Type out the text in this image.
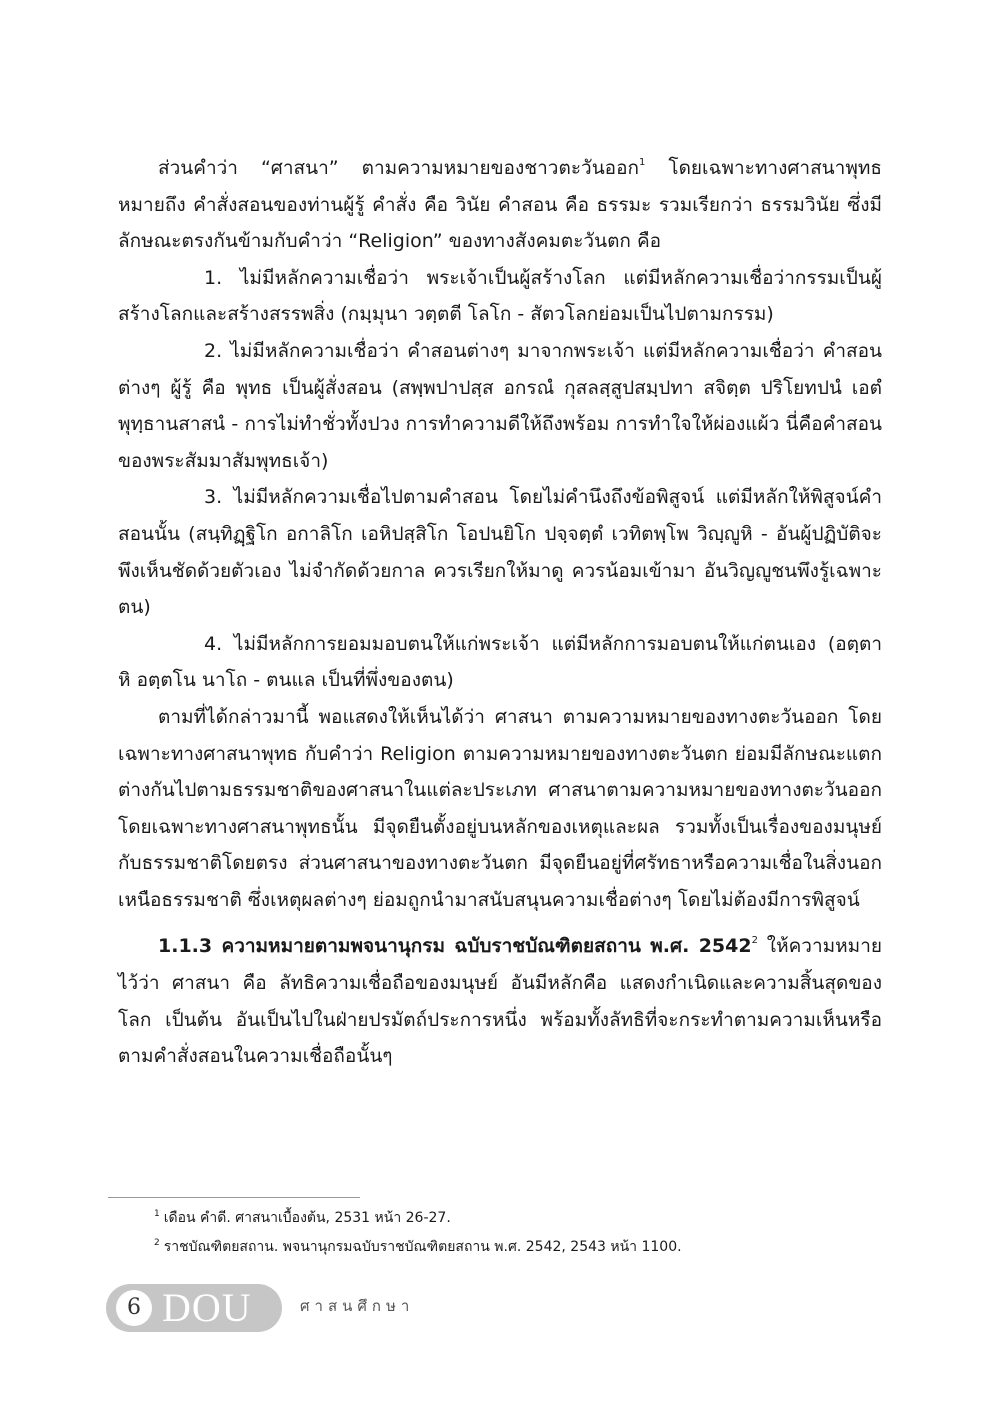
ส่วนคำว่า “ศาสนา” ตามความหมายของชาวตะวันออก$^1$ โดยเฉพาะทางศาสนาพุทธ หมายถึง คำสั่งสอนของท่านผู้รู้ คำสั่ง คือ วินัย คำสอน คือ ธรรมะ รวมเรียกว่า ธรรมวินัย ซึ่งมีลักษณะตรงกันข้ามกับคำว่า “Religion” ของทางสังคมตะวันตก คือ

1. ไม่มีหลักความเชื่อว่า พระเจ้าเป็นผู้สร้างโลก แต่มีหลักความเชื่อว่ากรรมเป็นผู้สร้างโลกและสร้างสรรพสิ่ง (กมฺมุนา วตฺตตี โลโก - สัตวโลกย่อมเป็นไปตามกรรม)

2. ไม่มีหลักความเชื่อว่า คำสอนต่างๆ มาจากพระเจ้า แต่มีหลักความเชื่อว่า คำสอนต่างๆ ผู้รู้ คือ พุทธ เป็นผู้สั่งสอน (สพฺพปาปสฺส อกรณํ กุสลสฺสูปสมฺปทา สจิตฺต ปริโยทปนํ เอตํ พุทฺธานสาสนํ - การไม่ทำชั่วทั้งปวง การทำความดีให้ถึงพร้อม การทำใจให้ผ่องแผ้ว นี่คือคำสอนของพระสัมมาสัมพุทธเจ้า)

3. ไม่มีหลักความเชื่อไปตามคำสอน โดยไม่คำนึงถึงข้อพิสูจน์ แต่มีหลักให้พิสูจน์คำสอนนั้น (สนฺทิฏฺฐิโก อกาลิโก เอหิปสฺสิโก โอปนยิโก ปจฺจตฺตํ เวทิตพฺโพ วิญฺญูหิ - อันผู้ปฏิบัติจะพึงเห็นชัดด้วยตัวเอง ไม่จำกัดด้วยกาล ควรเรียกให้มาดู ควรน้อมเข้ามา อันวิญญูชนพึงรู้เฉพาะตน)

4. ไม่มีหลักการยอมมอบตนให้แก่พระเจ้า แต่มีหลักการมอบตนให้แก่ตนเอง (อตฺตา หิ อตฺตโน นาโถ - ตนแล เป็นที่พึ่งของตน)

ตามที่ได้กล่าวมานี้ พอแสดงให้เห็นได้ว่า ศาสนา ตามความหมายของทางตะวันออก โดยเฉพาะทางศาสนาพุทธ กับคำว่า Religion ตามความหมายของทางตะวันตก ย่อมมีลักษณะแตกต่างกันไปตามธรรมชาติของศาสนาในแต่ละประเภท ศาสนาตามความหมายของทางตะวันออก โดยเฉพาะทางศาสนาพุทธนั้น มีจุดยืนตั้งอยู่บนหลักของเหตุและผล รวมทั้งเป็นเรื่องของมนุษย์กับธรรมชาติโดยตรง ส่วนศาสนาของทางตะวันตก มีจุดยืนอยู่ที่ศรัทธาหรือความเชื่อในสิ่งนอกเหนือธรรมชาติ ซึ่งเหตุผลต่างๆ ย่อมถูกนำมาสนับสนุนความเชื่อต่างๆ โดยไม่ต้องมีการพิสูจน์

1.1.3 ความหมายตามพจนานุกรม ฉบับราชบัณฑิตยสถาน พ.ศ. 2542$^2$ ให้ความหมาย ไว้ว่า ศาสนา คือ ลัทธิความเชื่อถือของมนุษย์ อันมีหลักคือ แสดงกำเนิดและความสิ้นสุดของโลก เป็นต้น อันเป็นไปในฝ่ายปรมัตถ์ประการหนึ่ง พร้อมทั้งลัทธิที่จะกระทำตามความเห็นหรือตามคำสั่งสอนในความเชื่อถือนั้นๆ

$^1$ เดือน คำดี. ศาสนาเบื้องต้น, 2531 หน้า 26-27.

$^2$ ราชบัณฑิตยสถาน. พจนานุกรมฉบับราชบัณฑิตยสถาน พ.ศ. 2542, 2543 หน้า 1100.

6 DOU	ศาสนศึกษา
